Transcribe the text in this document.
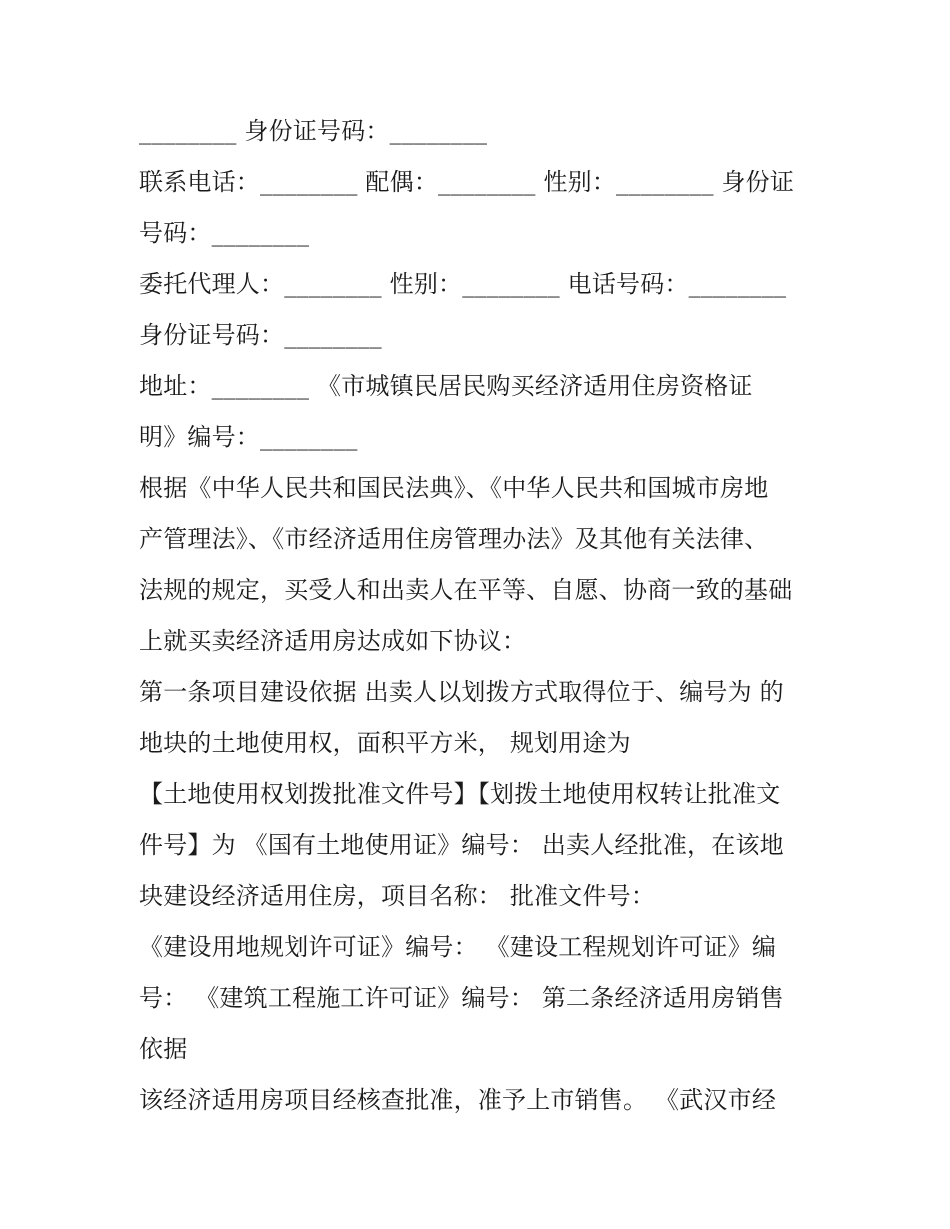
________ 身份证号码：________
联系电话：________ 配偶：________ 性别：________ 身份证
号码：________
委托代理人：________ 性别：________ 电话号码：________
身份证号码：________
地址：________ 《市城镇民居民购买经济适用住房资格证
明》编号：________
根据《中华人民共和国民法典》、《中华人民共和国城市房地
产管理法》、《市经济适用住房管理办法》及其他有关法律、
法规的规定，买受人和出卖人在平等、自愿、协商一致的基础
上就买卖经济适用房达成如下协议：
第一条项目建设依据 出卖人以划拨方式取得位于、编号为 的
地块的土地使用权，面积平方米， 规划用途为
【土地使用权划拨批准文件号】【划拨土地使用权转让批准文
件号】为 《国有土地使用证》编号： 出卖人经批准，在该地
块建设经济适用住房，项目名称： 批准文件号：
《建设用地规划许可证》编号： 《建设工程规划许可证》编
号： 《建筑工程施工许可证》编号： 第二条经济适用房销售
依据
该经济适用房项目经核查批准，准予上市销售。 《武汉市经
